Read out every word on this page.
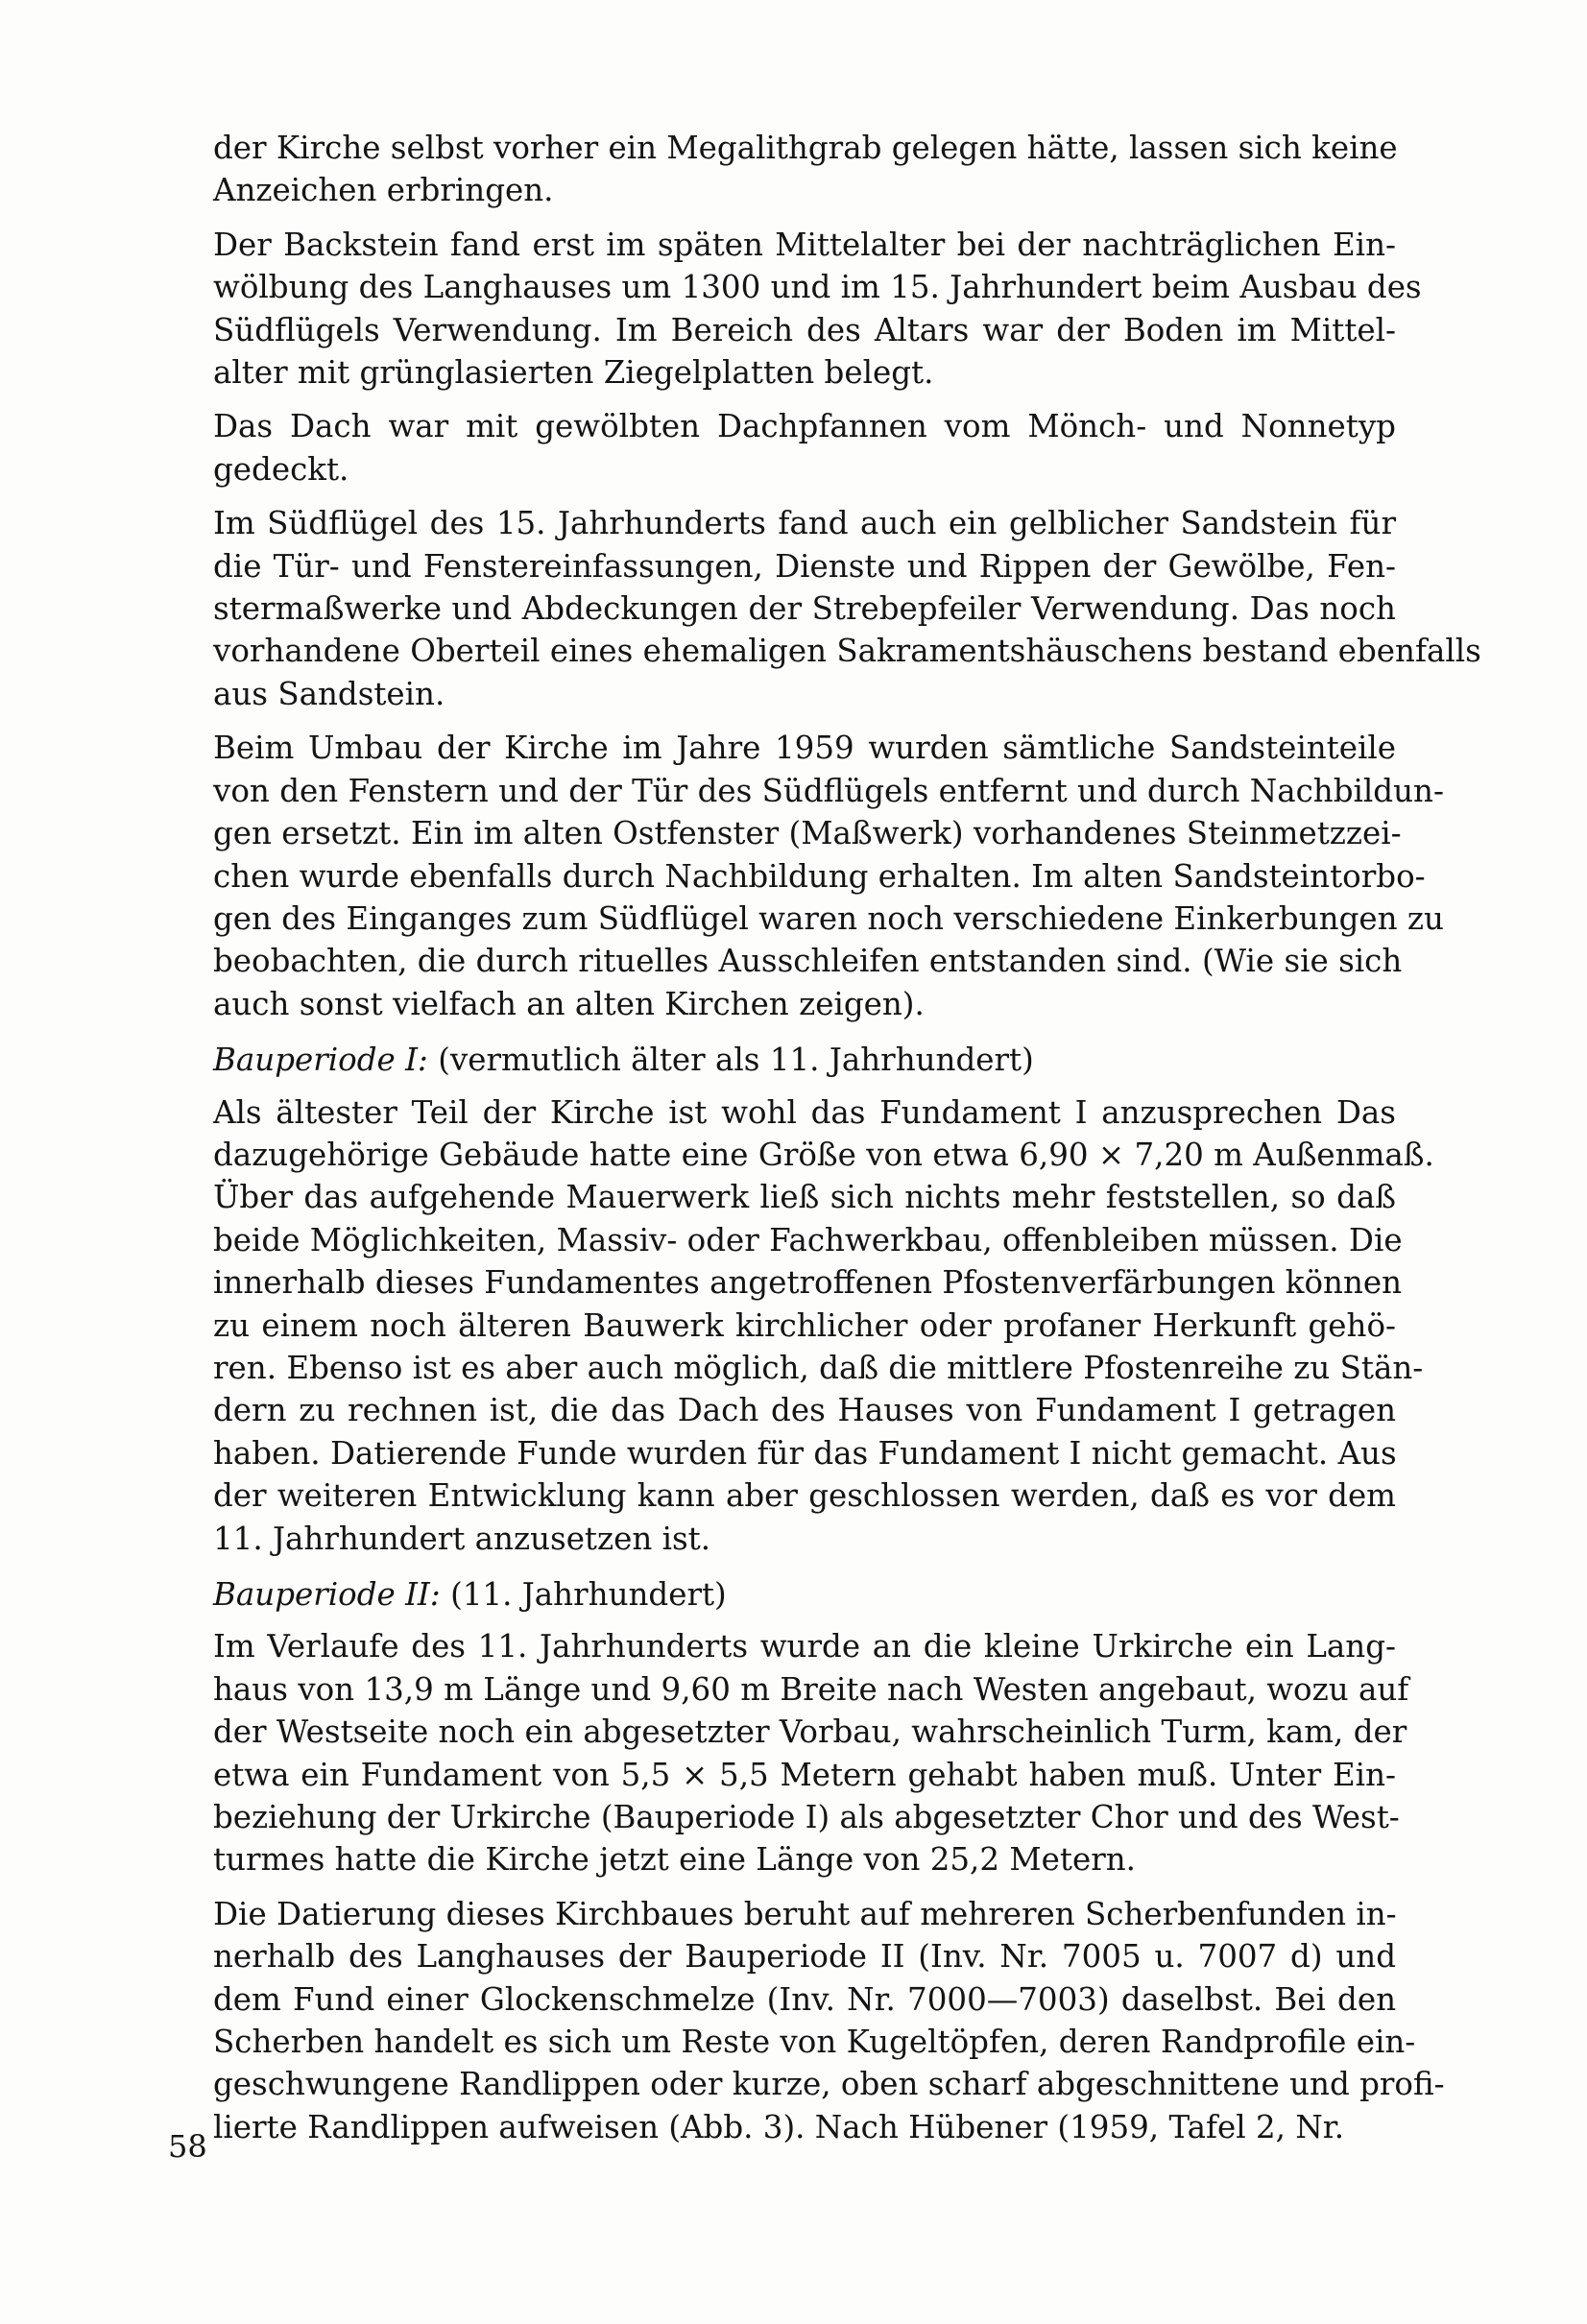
der Kirche selbst vorher ein Megalithgrab gelegen hätte, lassen sich keine
Anzeichen erbringen.
Der Backstein fand erst im späten Mittelalter bei der nachträglichen Ein-
wölbung des Langhauses um 1300 und im 15. Jahrhundert beim Ausbau des
Südflügels Verwendung. Im Bereich des Altars war der Boden im Mittel-
alter mit grünglasierten Ziegelplatten belegt.
Das Dach war mit gewölbten Dachpfannen vom Mönch- und Nonnetyp
gedeckt.
Im Südflügel des 15. Jahrhunderts fand auch ein gelblicher Sandstein für
die Tür- und Fenstereinfassungen, Dienste und Rippen der Gewölbe, Fen-
stermaßwerke und Abdeckungen der Strebepfeiler Verwendung. Das noch
vorhandene Oberteil eines ehemaligen Sakramentshäuschens bestand ebenfalls
aus Sandstein.
Beim Umbau der Kirche im Jahre 1959 wurden sämtliche Sandsteinteile
von den Fenstern und der Tür des Südflügels entfernt und durch Nachbildun-
gen ersetzt. Ein im alten Ostfenster (Maßwerk) vorhandenes Steinmetzzei-
chen wurde ebenfalls durch Nachbildung erhalten. Im alten Sandsteintorbo-
gen des Einganges zum Südflügel waren noch verschiedene Einkerbungen zu
beobachten, die durch rituelles Ausschleifen entstanden sind. (Wie sie sich
auch sonst vielfach an alten Kirchen zeigen).
Bauperiode I: (vermutlich älter als 11. Jahrhundert)
Als ältester Teil der Kirche ist wohl das Fundament I anzusprechen Das
dazugehörige Gebäude hatte eine Größe von etwa 6,90 × 7,20 m Außenmaß.
Über das aufgehende Mauerwerk ließ sich nichts mehr feststellen, so daß
beide Möglichkeiten, Massiv- oder Fachwerkbau, offenbleiben müssen. Die
innerhalb dieses Fundamentes angetroffenen Pfostenverfärbungen können
zu einem noch älteren Bauwerk kirchlicher oder profaner Herkunft gehö-
ren. Ebenso ist es aber auch möglich, daß die mittlere Pfostenreihe zu Stän-
dern zu rechnen ist, die das Dach des Hauses von Fundament I getragen
haben. Datierende Funde wurden für das Fundament I nicht gemacht. Aus
der weiteren Entwicklung kann aber geschlossen werden, daß es vor dem
11. Jahrhundert anzusetzen ist.
Bauperiode II: (11. Jahrhundert)
Im Verlaufe des 11. Jahrhunderts wurde an die kleine Urkirche ein Lang-
haus von 13,9 m Länge und 9,60 m Breite nach Westen angebaut, wozu auf
der Westseite noch ein abgesetzter Vorbau, wahrscheinlich Turm, kam, der
etwa ein Fundament von 5,5 × 5,5 Metern gehabt haben muß. Unter Ein-
beziehung der Urkirche (Bauperiode I) als abgesetzter Chor und des West-
turmes hatte die Kirche jetzt eine Länge von 25,2 Metern.
Die Datierung dieses Kirchbaues beruht auf mehreren Scherbenfunden in-
nerhalb des Langhauses der Bauperiode II (Inv. Nr. 7005 u. 7007 d) und
dem Fund einer Glockenschmelze (Inv. Nr. 7000—7003) daselbst. Bei den
Scherben handelt es sich um Reste von Kugeltöpfen, deren Randprofile ein-
geschwungene Randlippen oder kurze, oben scharf abgeschnittene und profi-
lierte Randlippen aufweisen (Abb. 3). Nach Hübener (1959, Tafel 2, Nr.
58
